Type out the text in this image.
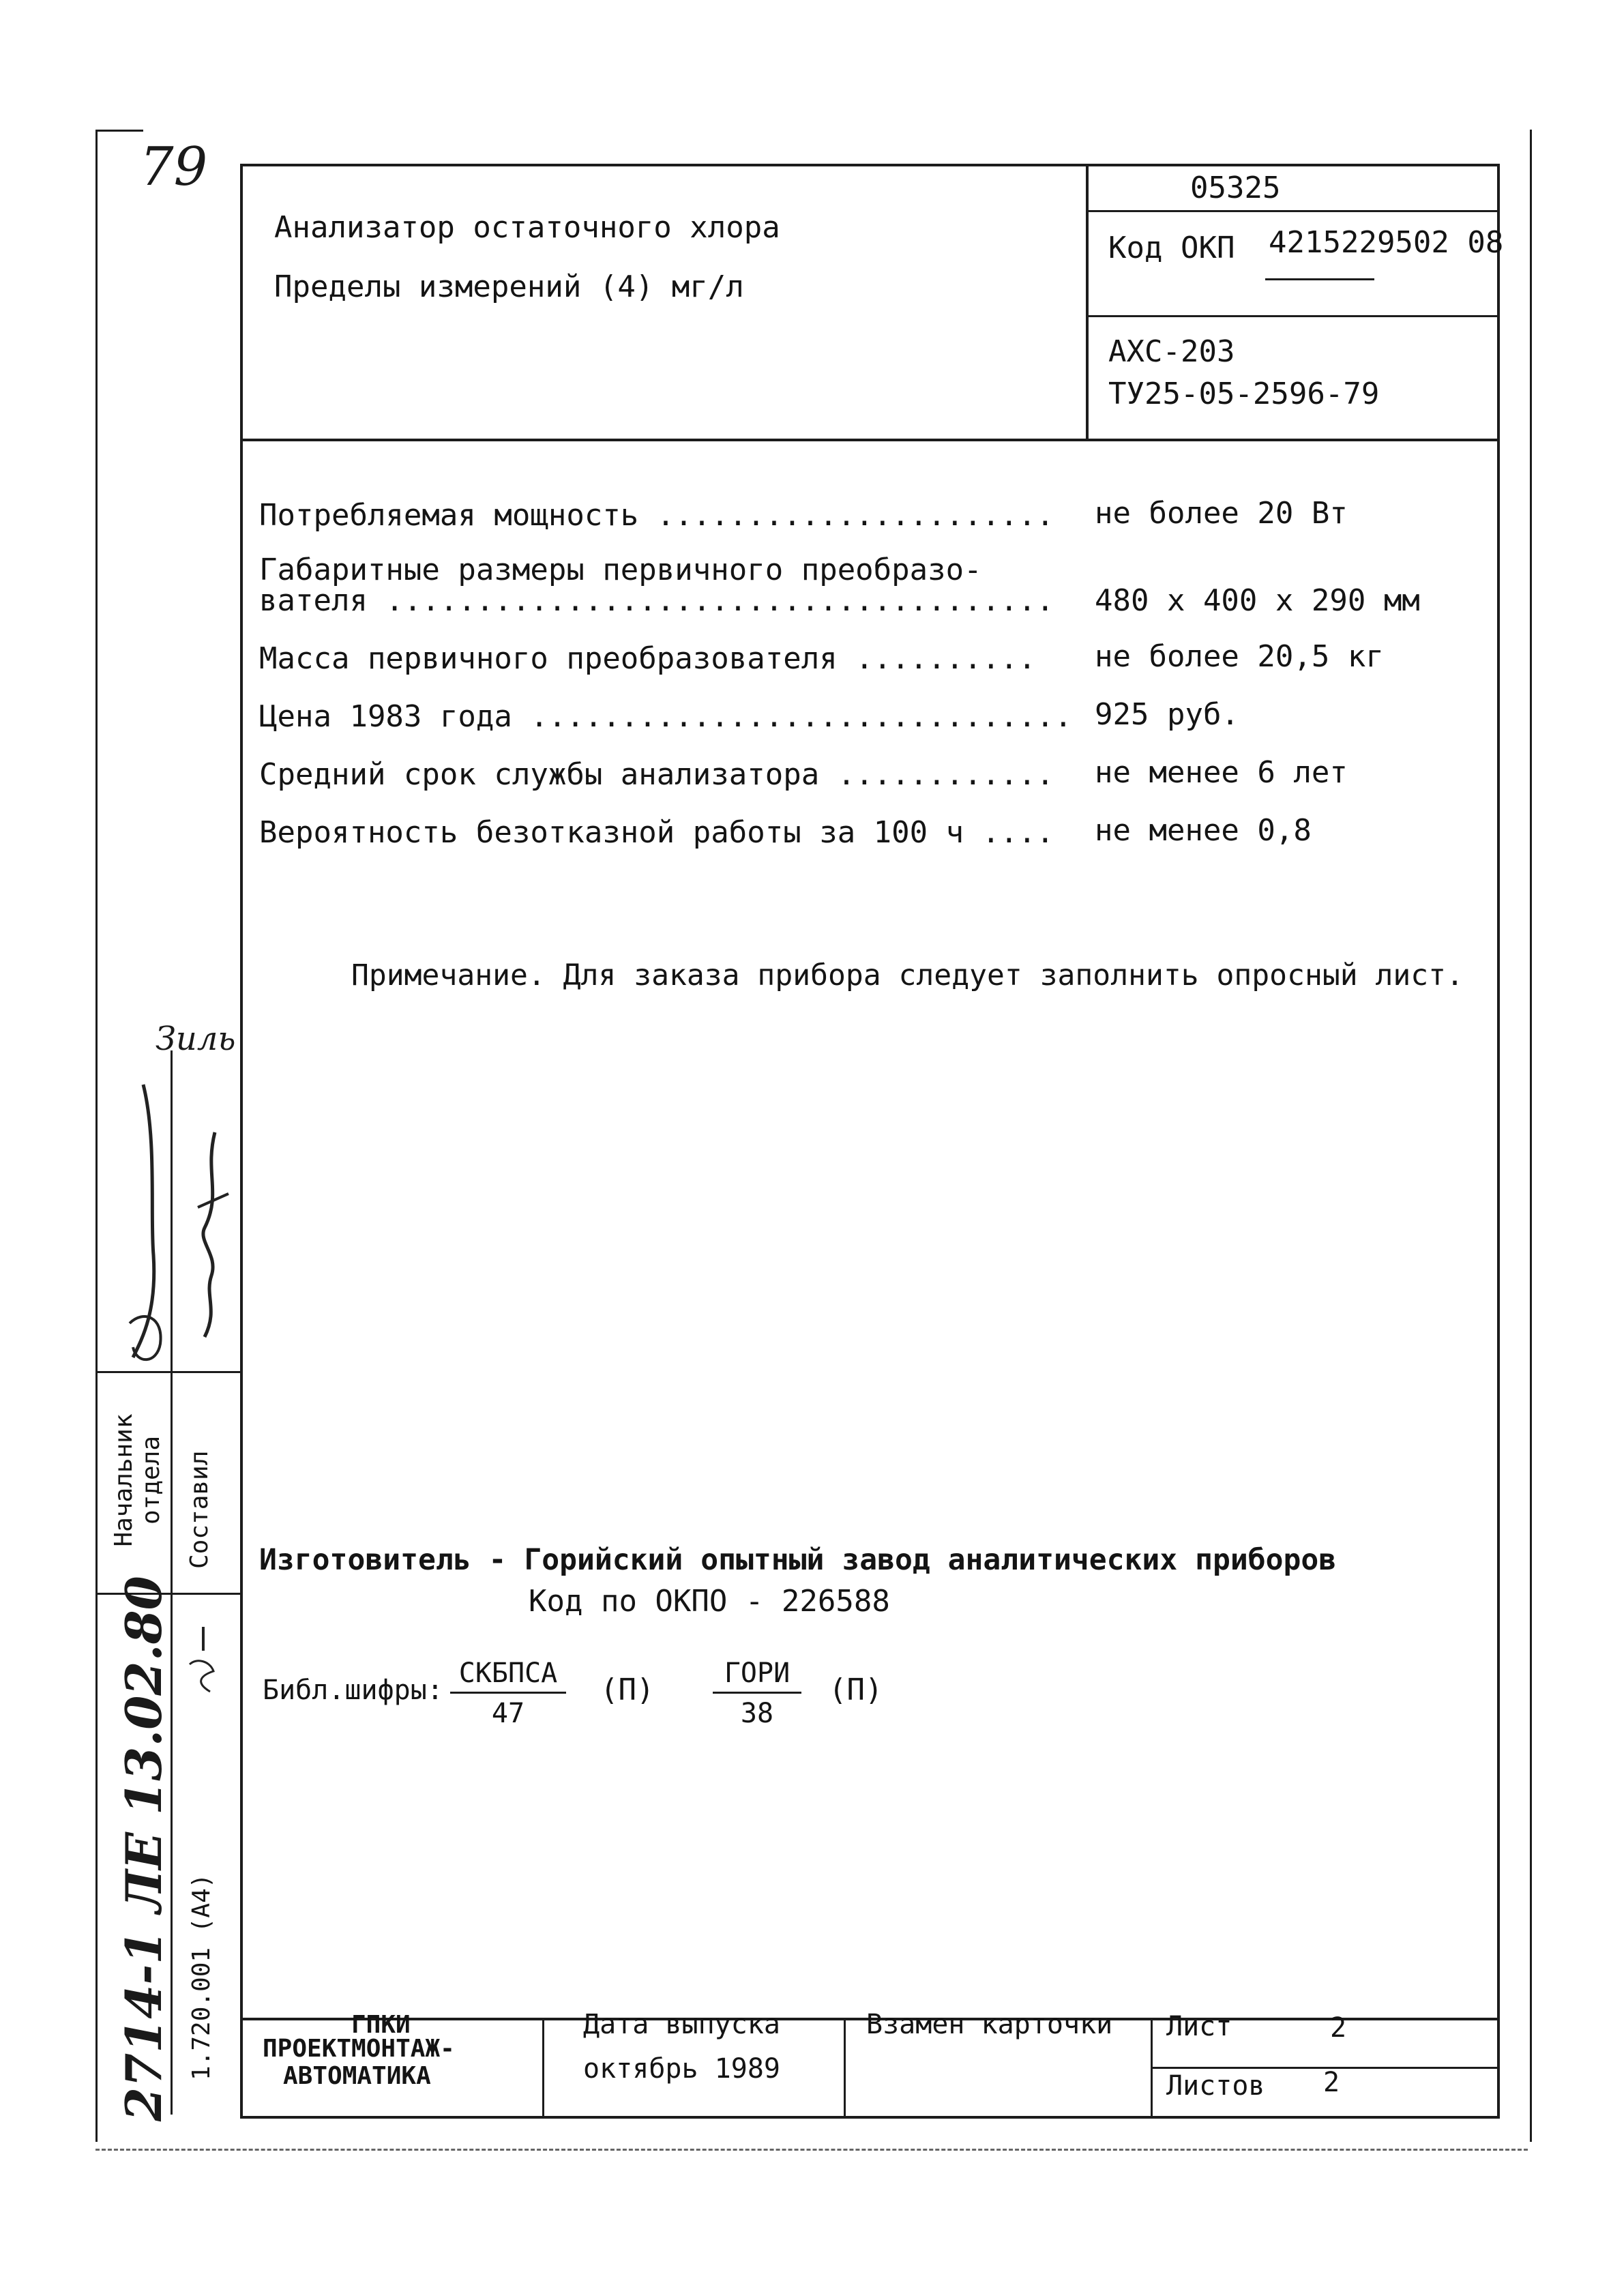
79
Анализатор остаточного хлора
Пределы измерений (4) мг/л
05325
Код ОКП 4215229502 08
АХС-203
ТУ25-05-2596-79
Потребляемая мощность ...................... не более 20 Вт
Габаритные размеры первичного преобразо-
вателя ..................................... 480 х 400 х 290 мм
Масса первичного преобразователя .......... не более 20,5 кг
Цена 1983 года .............................. 925 руб.
Средний срок службы анализатора ............ не менее 6 лет
Вероятность безотказной работы за 100 ч .... не менее 0,8
Примечание. Для заказа прибора следует заполнить опросный лист.
Изготовитель - Горийский опытный завод аналитических приборов
Код по ОКПО - 226588
Библ.шифры:
СКБПСА
47
(П)	ГОРИ
38
(П)
Начальник отдела Составил
1.720.001 (А4)
2714-1 ЛЕ 13.02.80
Зиль
ГПКИ
ПРОЕКТМОНТАЖ-
АВТОМАТИКА
Дата выпуска
октябрь 1989
Взамен карточки Лист	2
Листов 2
